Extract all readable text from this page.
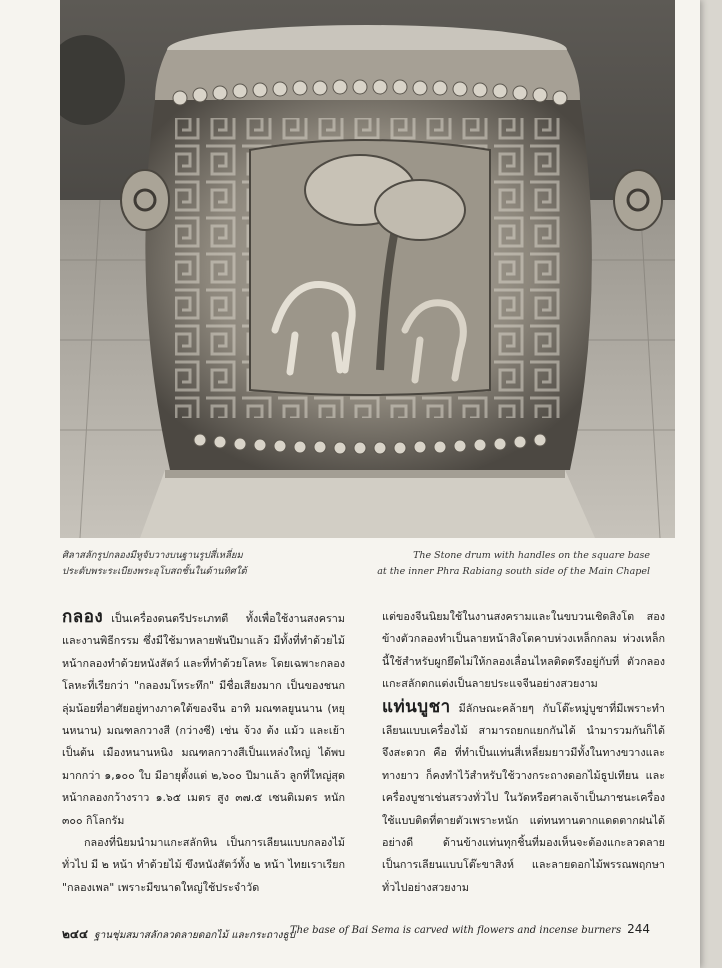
ศิลาสลักรูปกลองมีหูจับวางบนฐานรูปสี่เหลี่ยม
ประดับพระระเบียงพระอุโบสถชั้นในด้านทิศใต้
The Stone drum with handles on the square base
at the inner Phra Rabiang south side of the Main Chapel

กลอง เป็นเครื่องดนตรีประเภทตี ทั้งเพื่อใช้งานสงคราม และงานพิธีกรรม ซึ่งมีใช้มาหลายพันปีมาแล้ว มีทั้งที่ทำด้วยไม้ หน้ากลองทำด้วยหนังสัตว์ และที่ทำด้วยโลหะ โดยเฉพาะกลองโลหะที่เรียกว่า "กลองมโหระทึก" มีชื่อเสียงมาก เป็นของชนกลุ่มน้อยที่อาศัยอยู่ทางภาคใต้ของจีน อาทิ มณฑลยูนนาน (หยุนหนาน) มณฑลกวางสี (กว่างซี) เช่น จ้วง ต้ง แม้ว และเย้า เป็นต้น เมืองหนานหนิง มณฑลกวางสีเป็นแหล่งใหญ่ ได้พบมากกว่า ๑,๑๐๐ ใบ มีอายุตั้งแต่ ๒,๖๐๐ ปีมาแล้ว ลูกที่ใหญ่สุดหน้ากลองกว้างราว ๑.๖๕ เมตร สูง ๓๗.๕ เซนติเมตร หนัก ๓๐๐ กิโลกรัม

กลองที่นิยมนำมาแกะสลักหิน เป็นการเลียนแบบกลองไม้ทั่วไป มี ๒ หน้า ทำด้วยไม้ ขึงหนังสัตว์ทั้ง ๒ หน้า ไทยเราเรียก "กลองเพล" เพราะมีขนาดใหญ่ใช้ประจำวัด

แต่ของจีนนิยมใช้ในงานสงครามและในขบวนเชิดสิงโต สองข้างตัวกลองทำเป็นลายหน้าสิงโตคาบห่วงเหล็กกลม ห่วงเหล็กนี้ใช้สำหรับผูกยึดไม่ให้กลองเลื่อนไหลติดตรึงอยู่กับที่ ตัวกลองแกะสลักตกแต่งเป็นลายประแจจีนอย่างสวยงาม

แท่นบูชา มีลักษณะคล้ายๆ กับโต๊ะหมู่บูชาที่มีเพราะทำเลียนแบบเครื่องไม้ สามารถยกแยกกันได้ นำมารวมกันก็ได้ จึงสะดวก คือ ที่ทำเป็นแท่นสี่เหลี่ยมยาวมีทั้งในทางขวางและทางยาว ก็คงทำไว้สำหรับใช้วางกระถางดอกไม้ธูปเทียน และเครื่องบูชาเช่นสรวงทั่วไป ในวัดหรือศาลเจ้าเป็นภาชนะเครื่องใช้แบบติดที่ตายตัวเพราะหนัก แต่ทนทานตากแดดตากฝนได้อย่างดี ด้านข้างแท่นทุกชิ้นที่มองเห็นจะต้องแกะลวดลายเป็นการเลียนแบบโต๊ะขาสิงห์ และลายดอกไม้พรรณพฤกษาทั่วไปอย่างสวยงาม

๒๔๔ ฐานชุ่มสมาสลักลวดลายดอกไม้ และกระถางธูป
The base of Bai Sema is carved with flowers and incense burners 244
